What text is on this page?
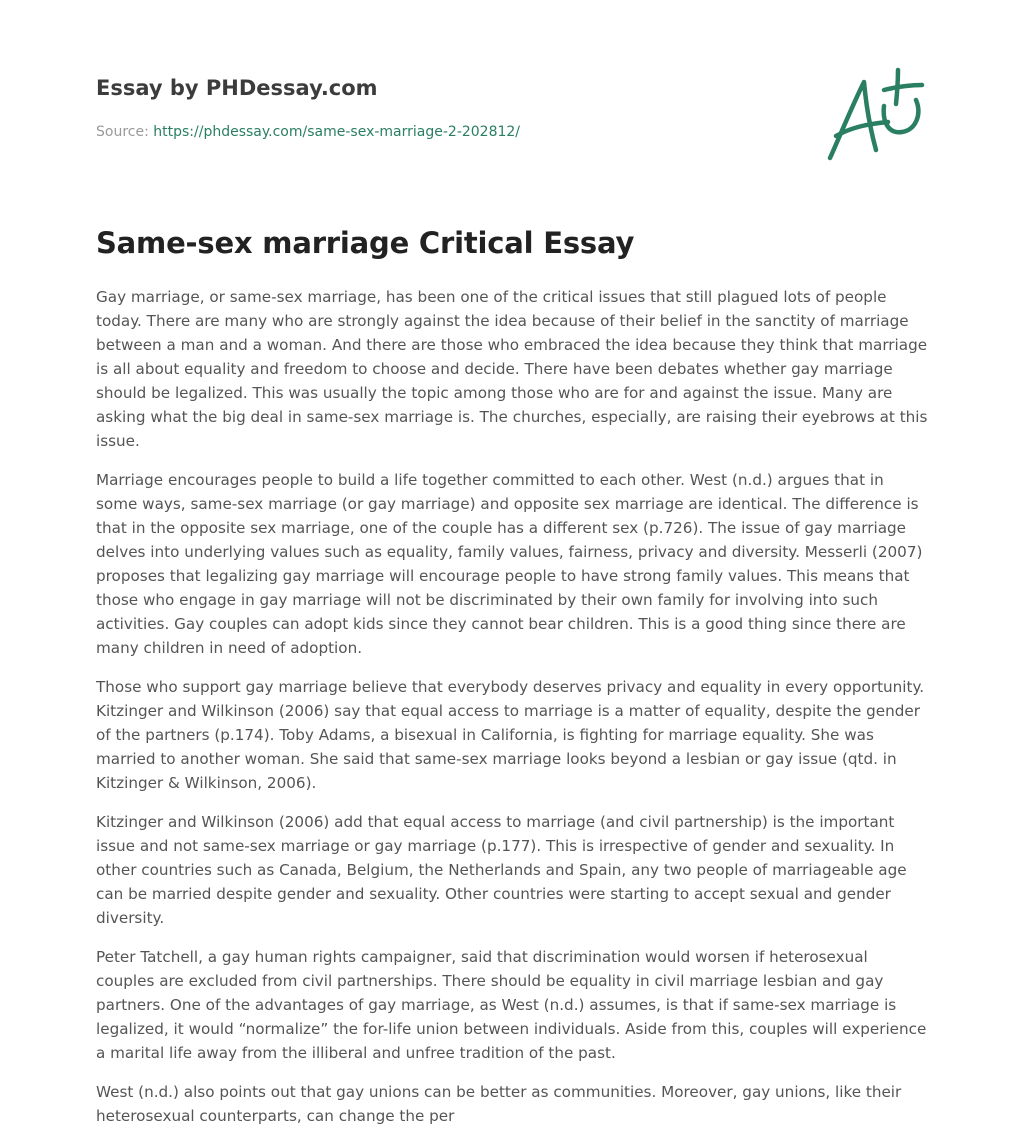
Essay by PHDessay.com

Source: https://phdessay.com/same-sex-marriage-2-202812/

Same-sex marriage Critical Essay

Gay marriage, or same-sex marriage, has been one of the critical issues that still plagued lots of people today. There are many who are strongly against the idea because of their belief in the sanctity of marriage between a man and a woman. And there are those who embraced the idea because they think that marriage is all about equality and freedom to choose and decide. There have been debates whether gay marriage should be legalized. This was usually the topic among those who are for and against the issue. Many are asking what the big deal in same-sex marriage is. The churches, especially, are raising their eyebrows at this issue.

Marriage encourages people to build a life together committed to each other. West (n.d.) argues that in some ways, same-sex marriage (or gay marriage) and opposite sex marriage are identical. The difference is that in the opposite sex marriage, one of the couple has a different sex (p.726). The issue of gay marriage delves into underlying values such as equality, family values, fairness, privacy and diversity. Messerli (2007) proposes that legalizing gay marriage will encourage people to have strong family values. This means that those who engage in gay marriage will not be discriminated by their own family for involving into such activities. Gay couples can adopt kids since they cannot bear children. This is a good thing since there are many children in need of adoption.

Those who support gay marriage believe that everybody deserves privacy and equality in every opportunity. Kitzinger and Wilkinson (2006) say that equal access to marriage is a matter of equality, despite the gender of the partners (p.174). Toby Adams, a bisexual in California, is fighting for marriage equality. She was married to another woman. She said that same-sex marriage looks beyond a lesbian or gay issue (qtd. in Kitzinger & Wilkinson, 2006).

Kitzinger and Wilkinson (2006) add that equal access to marriage (and civil partnership) is the important issue and not same-sex marriage or gay marriage (p.177). This is irrespective of gender and sexuality. In other countries such as Canada, Belgium, the Netherlands and Spain, any two people of marriageable age can be married despite gender and sexuality. Other countries were starting to accept sexual and gender diversity.

Peter Tatchell, a gay human rights campaigner, said that discrimination would worsen if heterosexual couples are excluded from civil partnerships. There should be equality in civil marriage lesbian and gay partners. One of the advantages of gay marriage, as West (n.d.) assumes, is that if same-sex marriage is legalized, it would “normalize” the for-life union between individuals. Aside from this, couples will experience a marital life away from the illiberal and unfree tradition of the past.

West (n.d.) also points out that gay unions can be better as communities. Moreover, gay unions, like their heterosexual counterparts, can change the per
